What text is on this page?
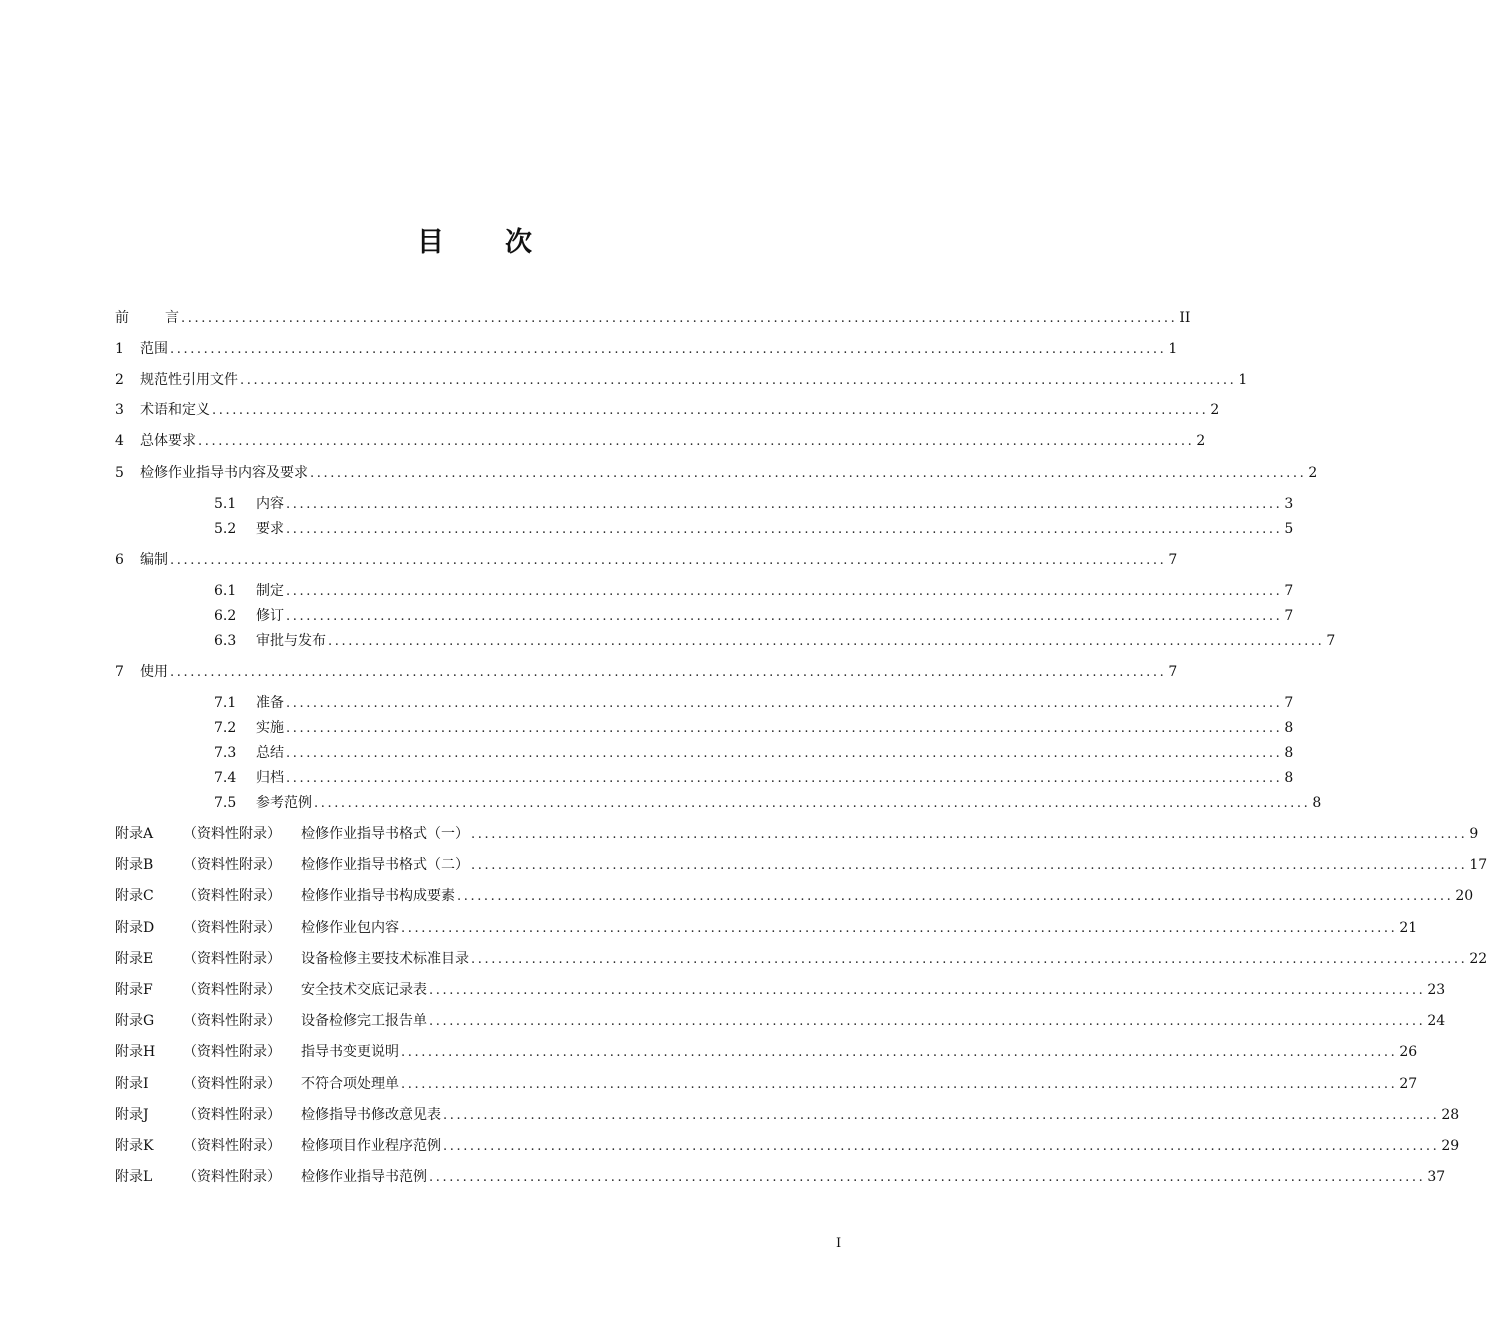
目 次
前	言 .................................................................................................................................................... II
1	范围 .................................................................................................................................................... 1
2	规范性引用文件 .................................................................................................................................................... 1
3	术语和定义 .................................................................................................................................................... 2
4	总体要求 .................................................................................................................................................... 2
5	检修作业指导书内容及要求 .................................................................................................................................................... 2
5.1	内容 .................................................................................................................................................... 3
5.2	要求 .................................................................................................................................................... 5
6	编制 .................................................................................................................................................... 7
6.1	制定 .................................................................................................................................................... 7
6.2	修订 .................................................................................................................................................... 7
6.3	审批与发布 .................................................................................................................................................... 7
7	使用 .................................................................................................................................................... 7
7.1	准备 .................................................................................................................................................... 7
7.2	实施 .................................................................................................................................................... 8
7.3	总结 .................................................................................................................................................... 8
7.4	归档 .................................................................................................................................................... 8
7.5	参考范例 .................................................................................................................................................... 8
附录A	（资料性附录）	检修作业指导书格式（一） .................................................................................................................................................... 9
附录B	（资料性附录）	检修作业指导书格式（二） .................................................................................................................................................... 17
附录C	（资料性附录）	检修作业指导书构成要素 .................................................................................................................................................... 20
附录D	（资料性附录）	检修作业包内容 .................................................................................................................................................... 21
附录E	（资料性附录）	设备检修主要技术标准目录 .................................................................................................................................................... 22
附录F	（资料性附录）	安全技术交底记录表 .................................................................................................................................................... 23
附录G	（资料性附录）	设备检修完工报告单 .................................................................................................................................................... 24
附录H	（资料性附录）	指导书变更说明 .................................................................................................................................................... 26
附录I	（资料性附录）	不符合项处理单 .................................................................................................................................................... 27
附录J	（资料性附录）	检修指导书修改意见表 .................................................................................................................................................... 28
附录K	（资料性附录）	检修项目作业程序范例 .................................................................................................................................................... 29
附录L	（资料性附录）	检修作业指导书范例 .................................................................................................................................................... 37
I
